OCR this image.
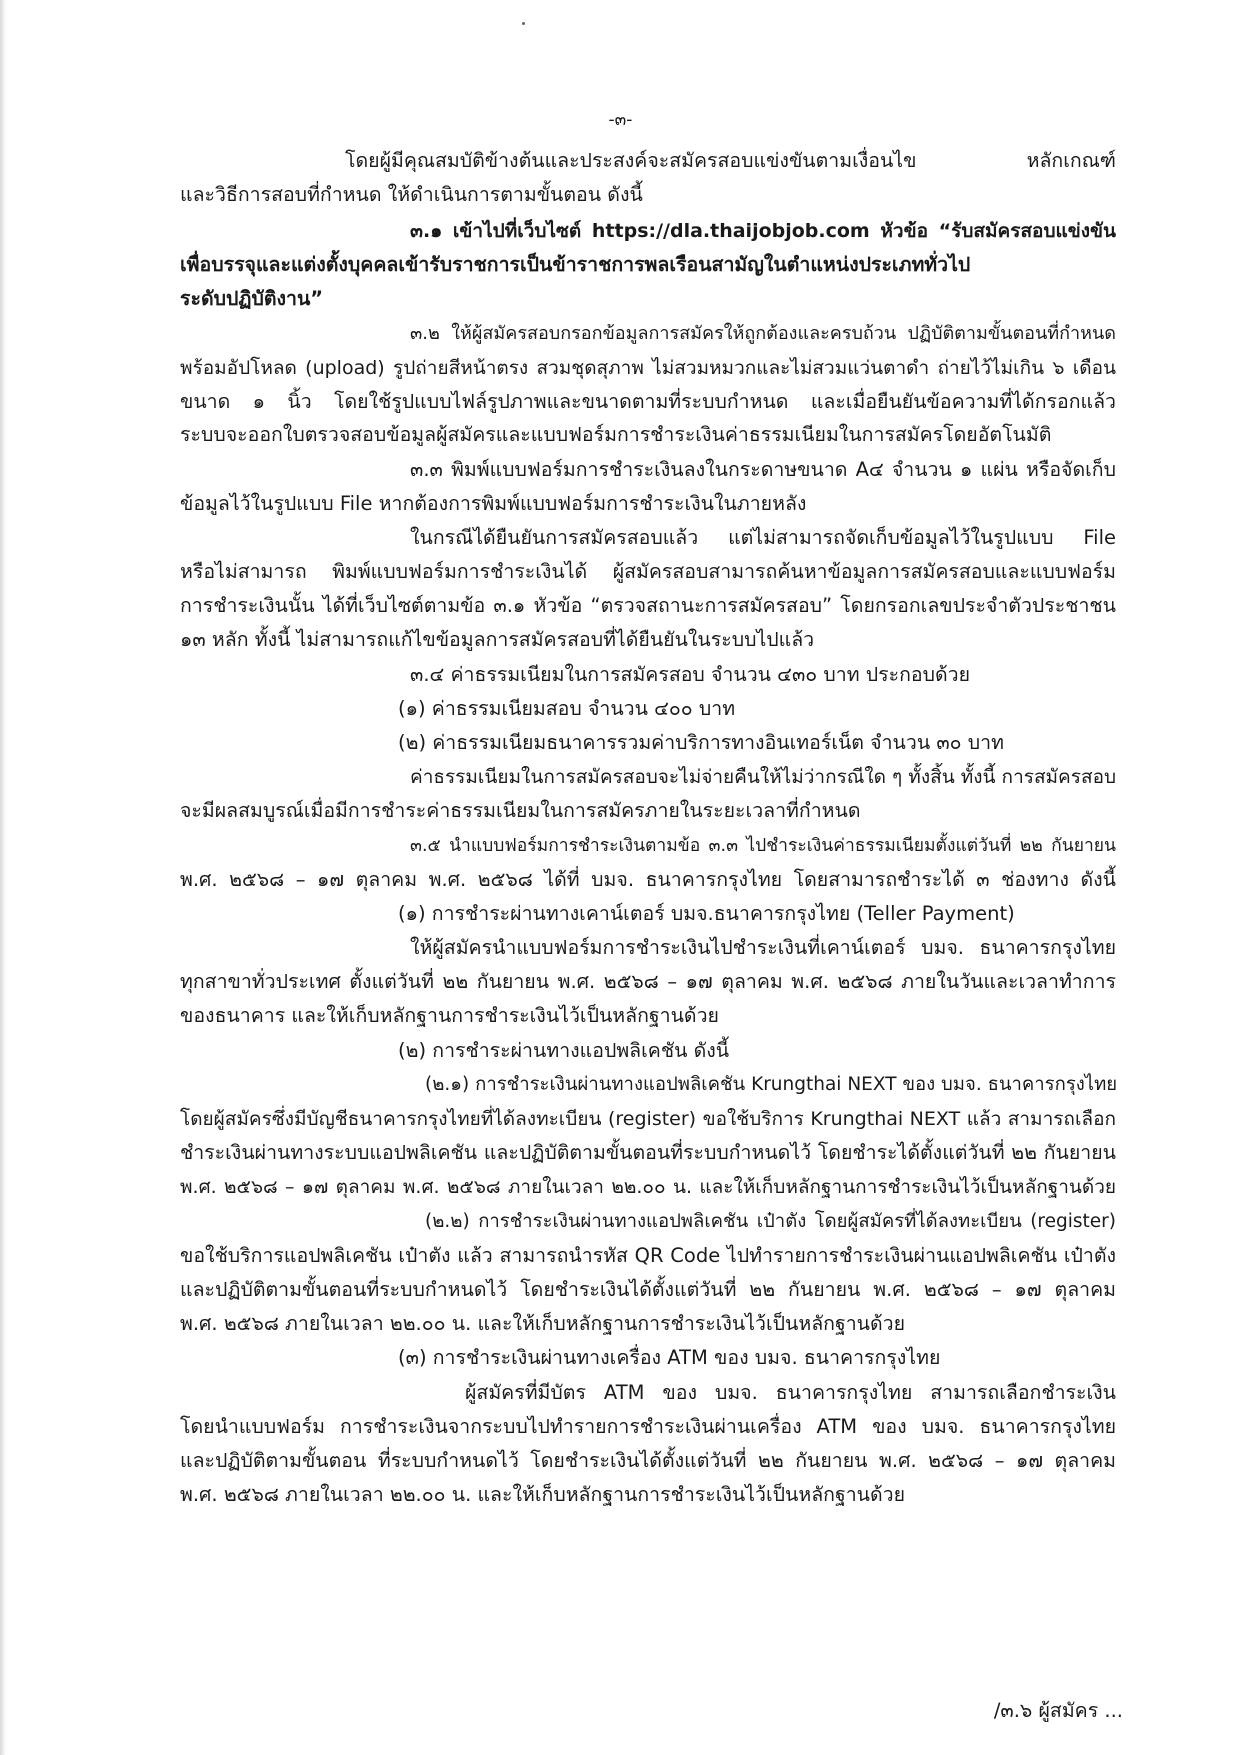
-๓-
โดยผู้มีคุณสมบัติข้างต้นและประสงค์จะสมัครสอบแข่งขันตามเงื่อนไข หลักเกณฑ์
และวิธีการสอบที่กำหนด ให้ดำเนินการตามขั้นตอน ดังนี้
๓.๑ เข้าไปที่เว็บไซต์ https://dla.thaijobjob.com หัวข้อ “รับสมัครสอบแข่งขัน
เพื่อบรรจุและแต่งตั้งบุคคลเข้ารับราชการเป็นข้าราชการพลเรือนสามัญในตำแหน่งประเภททั่วไป
ระดับปฏิบัติงาน”
๓.๒ ให้ผู้สมัครสอบกรอกข้อมูลการสมัครให้ถูกต้องและครบถ้วน ปฏิบัติตามขั้นตอนที่กำหนด
พร้อมอัปโหลด (upload) รูปถ่ายสีหน้าตรง สวมชุดสุภาพ ไม่สวมหมวกและไม่สวมแว่นตาดำ ถ่ายไว้ไม่เกิน ๖ เดือน
ขนาด ๑ นิ้ว โดยใช้รูปแบบไฟล์รูปภาพและขนาดตามที่ระบบกำหนด และเมื่อยืนยันข้อความที่ได้กรอกแล้ว
ระบบจะออกใบตรวจสอบข้อมูลผู้สมัครและแบบฟอร์มการชำระเงินค่าธรรมเนียมในการสมัครโดยอัตโนมัติ
๓.๓ พิมพ์แบบฟอร์มการชำระเงินลงในกระดาษขนาด A๔ จำนวน ๑ แผ่น หรือจัดเก็บ
ข้อมูลไว้ในรูปแบบ File หากต้องการพิมพ์แบบฟอร์มการชำระเงินในภายหลัง
ในกรณีได้ยืนยันการสมัครสอบแล้ว แต่ไม่สามารถจัดเก็บข้อมูลไว้ในรูปแบบ File
หรือไม่สามารถ พิมพ์แบบฟอร์มการชำระเงินได้ ผู้สมัครสอบสามารถค้นหาข้อมูลการสมัครสอบและแบบฟอร์ม
การชำระเงินนั้น ได้ที่เว็บไซต์ตามข้อ ๓.๑ หัวข้อ “ตรวจสถานะการสมัครสอบ” โดยกรอกเลขประจำตัวประชาชน
๑๓ หลัก ทั้งนี้ ไม่สามารถแก้ไขข้อมูลการสมัครสอบที่ได้ยืนยันในระบบไปแล้ว
๓.๔ ค่าธรรมเนียมในการสมัครสอบ จำนวน ๔๓๐ บาท ประกอบด้วย
(๑) ค่าธรรมเนียมสอบ จำนวน ๔๐๐ บาท
(๒) ค่าธรรมเนียมธนาคารรวมค่าบริการทางอินเทอร์เน็ต จำนวน ๓๐ บาท
ค่าธรรมเนียมในการสมัครสอบจะไม่จ่ายคืนให้ไม่ว่ากรณีใด ๆ ทั้งสิ้น ทั้งนี้ การสมัครสอบ
จะมีผลสมบูรณ์เมื่อมีการชำระค่าธรรมเนียมในการสมัครภายในระยะเวลาที่กำหนด
๓.๕ นำแบบฟอร์มการชำระเงินตามข้อ ๓.๓ ไปชำระเงินค่าธรรมเนียมตั้งแต่วันที่ ๒๒ กันยายน
พ.ศ. ๒๕๖๘ – ๑๗ ตุลาคม พ.ศ. ๒๕๖๘ ได้ที่ บมจ. ธนาคารกรุงไทย โดยสามารถชำระได้ ๓ ช่องทาง ดังนี้
(๑) การชำระผ่านทางเคาน์เตอร์ บมจ.ธนาคารกรุงไทย (Teller Payment)
ให้ผู้สมัครนำแบบฟอร์มการชำระเงินไปชำระเงินที่เคาน์เตอร์ บมจ. ธนาคารกรุงไทย
ทุกสาขาทั่วประเทศ ตั้งแต่วันที่ ๒๒ กันยายน พ.ศ. ๒๕๖๘ – ๑๗ ตุลาคม พ.ศ. ๒๕๖๘ ภายในวันและเวลาทำการ
ของธนาคาร และให้เก็บหลักฐานการชำระเงินไว้เป็นหลักฐานด้วย
(๒) การชำระผ่านทางแอปพลิเคชัน ดังนี้
(๒.๑) การชำระเงินผ่านทางแอปพลิเคชัน Krungthai NEXT ของ บมจ. ธนาคารกรุงไทย
โดยผู้สมัครซึ่งมีบัญชีธนาคารกรุงไทยที่ได้ลงทะเบียน (register) ขอใช้บริการ Krungthai NEXT แล้ว สามารถเลือก
ชำระเงินผ่านทางระบบแอปพลิเคชัน และปฏิบัติตามขั้นตอนที่ระบบกำหนดไว้ โดยชำระได้ตั้งแต่วันที่ ๒๒ กันยายน
พ.ศ. ๒๕๖๘ – ๑๗ ตุลาคม พ.ศ. ๒๕๖๘ ภายในเวลา ๒๒.๐๐ น. และให้เก็บหลักฐานการชำระเงินไว้เป็นหลักฐานด้วย
(๒.๒) การชำระเงินผ่านทางแอปพลิเคชัน เป๋าตัง โดยผู้สมัครที่ได้ลงทะเบียน (register)
ขอใช้บริการแอปพลิเคชัน เป๋าตัง แล้ว สามารถนำรหัส QR Code ไปทำรายการชำระเงินผ่านแอปพลิเคชัน เป๋าตัง
และปฏิบัติตามขั้นตอนที่ระบบกำหนดไว้ โดยชำระเงินได้ตั้งแต่วันที่ ๒๒ กันยายน พ.ศ. ๒๕๖๘ – ๑๗ ตุลาคม
พ.ศ. ๒๕๖๘ ภายในเวลา ๒๒.๐๐ น. และให้เก็บหลักฐานการชำระเงินไว้เป็นหลักฐานด้วย
(๓) การชำระเงินผ่านทางเครื่อง ATM ของ บมจ. ธนาคารกรุงไทย
ผู้สมัครที่มีบัตร ATM ของ บมจ. ธนาคารกรุงไทย สามารถเลือกชำระเงิน
โดยนำแบบฟอร์ม การชำระเงินจากระบบไปทำรายการชำระเงินผ่านเครื่อง ATM ของ บมจ. ธนาคารกรุงไทย
และปฏิบัติตามขั้นตอน ที่ระบบกำหนดไว้ โดยชำระเงินได้ตั้งแต่วันที่ ๒๒ กันยายน พ.ศ. ๒๕๖๘ – ๑๗ ตุลาคม
พ.ศ. ๒๕๖๘ ภายในเวลา ๒๒.๐๐ น. และให้เก็บหลักฐานการชำระเงินไว้เป็นหลักฐานด้วย
/๓.๖ ผู้สมัคร ...
